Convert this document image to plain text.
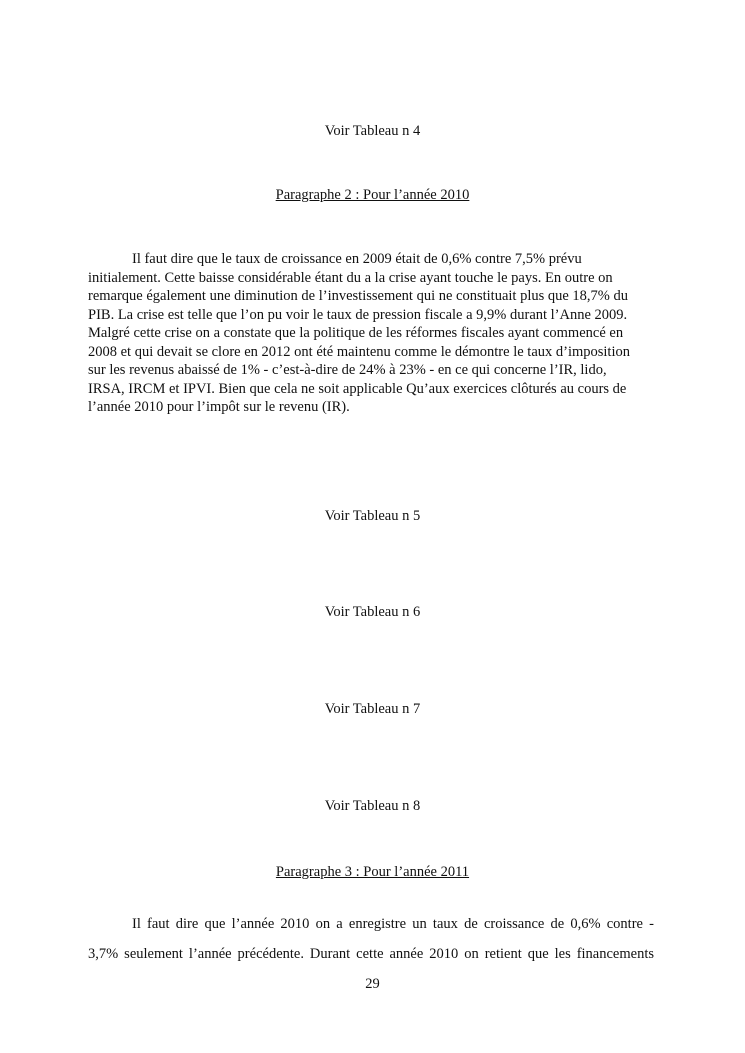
Voir Tableau n 4
Paragraphe 2 : Pour l’année 2010
Il faut dire que le taux de croissance en 2009 était de 0,6% contre 7,5% prévu
initialement. Cette baisse considérable étant du a la crise ayant touche le pays. En outre on
remarque également une diminution de l’investissement qui ne constituait plus que 18,7% du
PIB. La crise est telle que l’on pu voir le taux de pression fiscale a 9,9% durant l’Anne 2009.
Malgré cette crise on a constate que la politique de les réformes fiscales ayant commencé en
2008 et qui devait se clore en 2012 ont été maintenu comme le démontre le taux d’imposition
sur les revenus abaissé de 1% - c’est-à-dire de 24% à 23% - en ce qui concerne l’IR, lido,
IRSA, IRCM et IPVI. Bien que cela ne soit applicable Qu’aux exercices clôturés au cours de
l’année 2010 pour l’impôt sur le revenu (IR).
Voir Tableau n 5
Voir Tableau n 6
Voir Tableau n 7
Voir Tableau n 8
Paragraphe 3 : Pour l’année 2011
Il faut dire que l’année 2010 on a enregistre un taux de croissance de 0,6% contre -
3,7% seulement l’année précédente. Durant cette année 2010 on retient que les financements
29
